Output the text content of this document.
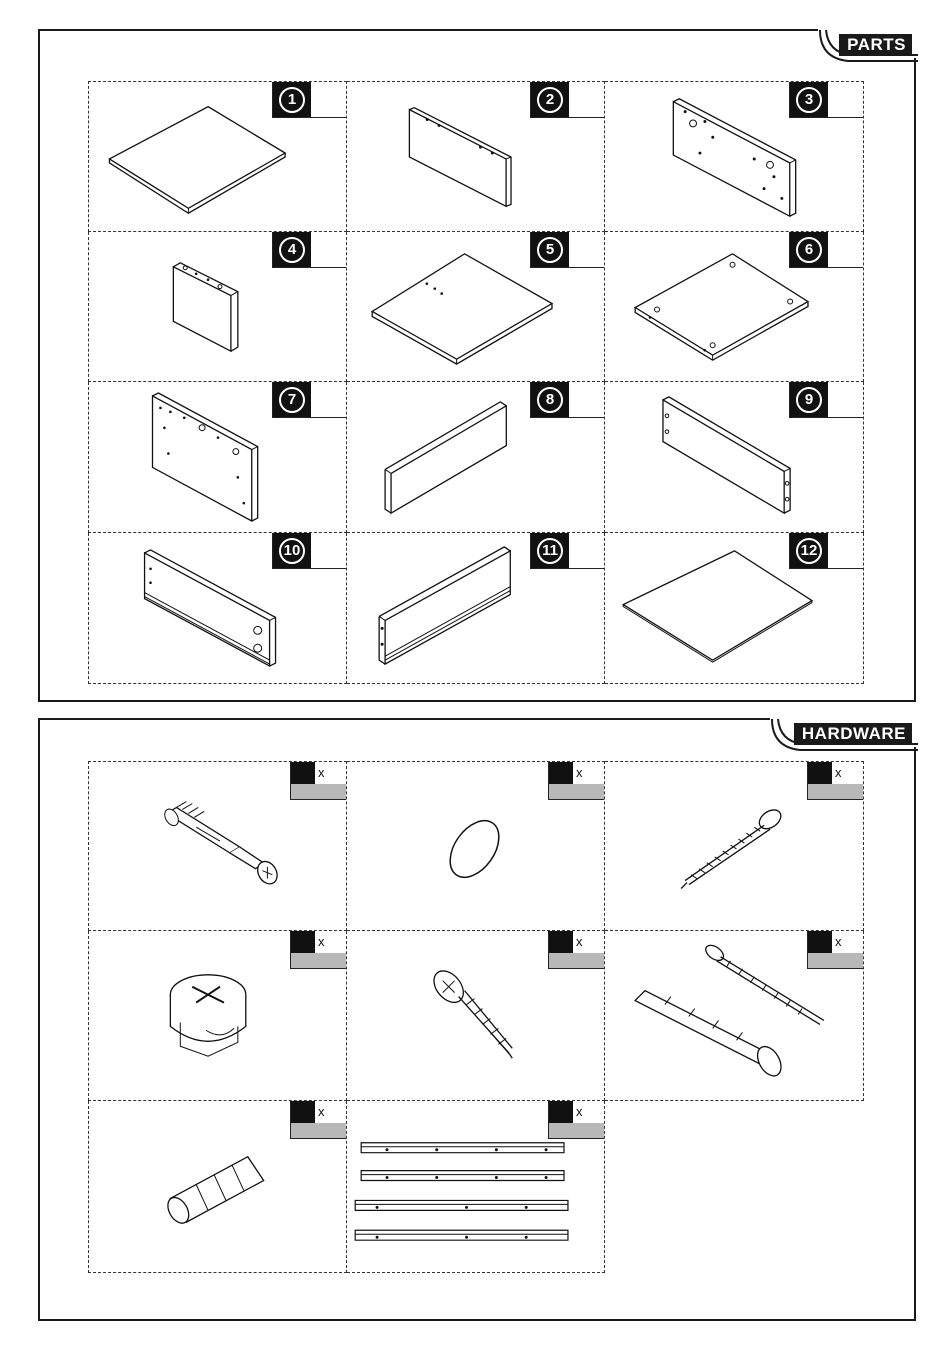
PARTS
1	2	3
4	5	6
7	8	9
10	11	12
HARDWARE
x	x	x
x	x	x
x	x
